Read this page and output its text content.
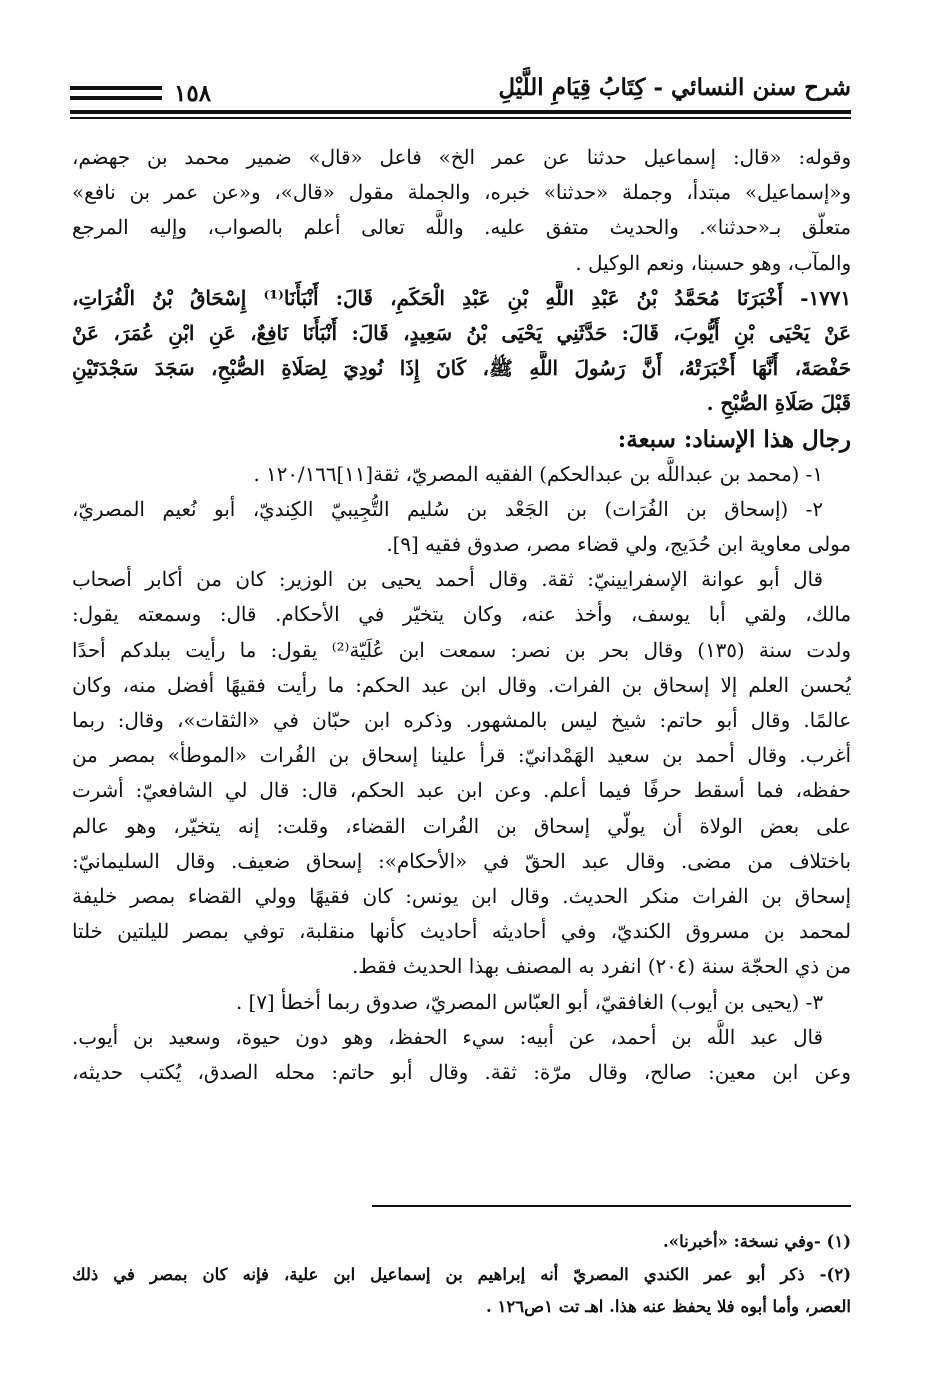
شرح سنن النسائي - كِتَابُ قِيَامِ اللَّيْلِ
١٥٨
وقوله: «قال: إسماعيل حدثنا عن عمر الخ» فاعل «قال» ضمير محمد بن جهضم،
و«إسماعيل» مبتدأ، وجملة «حدثنا» خبره، والجملة مقول «قال»، و«عن عمر بن نافع»
متعلّق بـ«حدثنا». والحديث متفق عليه. واللَّه تعالى أعلم بالصواب، وإليه المرجع
والمآب، وهو حسبنا، ونعم الوكيل .
١٧٧١- أَخْبَرَنَا مُحَمَّدُ بْنُ عَبْدِ اللَّهِ بْنِ عَبْدِ الْحَكَمِ، قَالَ: أَنْبَأَنَا⁽¹⁾ إِسْحَاقُ بْنُ الْفُرَاتِ،
عَنْ يَحْيَى بْنِ أَيُّوبَ، قَالَ: حَدَّثَنِي يَحْيَى بْنُ سَعِيدٍ، قَالَ: أَنْبَأَنَا نَافِعٌ، عَنِ ابْنِ عُمَرَ، عَنْ
حَفْصَةَ، أَنَّهَا أَخْبَرَتْهُ، أَنَّ رَسُولَ اللَّهِ ﷺ، كَانَ إِذَا نُودِيَ لِصَلَاةِ الصُّبْحِ، سَجَدَ سَجْدَتَيْنِ
قَبْلَ صَلَاةِ الصُّبْحِ .
رجال هذا الإسناد: سبعة:
١- (محمد بن عبداللَّه بن عبدالحكم) الفقيه المصريّ، ثقة[١١]١٢٠/١٦٦ .
٢- (إسحاق بن الفُرَات) بن الجَعْد بن سُليم التُّجِيبيّ الكِنديّ، أبو نُعيم المصريّ،
مولى معاوية ابن حُدَيج، ولي قضاء مصر، صدوق فقيه [٩].
قال أبو عوانة الإسفرايينيّ: ثقة. وقال أحمد يحيى بن الوزير: كان من أكابر أصحاب
مالك، ولقي أبا يوسف، وأخذ عنه، وكان يتخيّر في الأحكام. قال: وسمعته يقول:
ولدت سنة (١٣٥) وقال بحر بن نصر: سمعت ابن عُلَيّة⁽²⁾ يقول: ما رأيت ببلدكم أحدًا
يُحسن العلم إلا إسحاق بن الفرات. وقال ابن عبد الحكم: ما رأيت فقيهًا أفضل منه، وكان
عالمًا. وقال أبو حاتم: شيخ ليس بالمشهور. وذكره ابن حبّان في «الثقات»، وقال: ربما
أغرب. وقال أحمد بن سعيد الهَمْدانيّ: قرأ علينا إسحاق بن الفُرات «الموطأ» بمصر من
حفظه، فما أسقط حرفًا فيما أعلم. وعن ابن عبد الحكم، قال: قال لي الشافعيّ: أشرت
على بعض الولاة أن يولّي إسحاق بن الفُرات القضاء، وقلت: إنه يتخيّر، وهو عالم
باختلاف من مضى. وقال عبد الحقّ في «الأحكام»: إسحاق ضعيف. وقال السليمانيّ:
إسحاق بن الفرات منكر الحديث. وقال ابن يونس: كان فقيهًا وولي القضاء بمصر خليفة
لمحمد بن مسروق الكنديّ، وفي أحاديثه أحاديث كأنها منقلبة، توفي بمصر لليلتين خلتا
من ذي الحجّة سنة (٢٠٤) انفرد به المصنف بهذا الحديث فقط.
٣- (يحيى بن أيوب) الغافقيّ، أبو العبّاس المصريّ، صدوق ربما أخطأ [٧] .
قال عبد اللَّه بن أحمد، عن أبيه: سيء الحفظ، وهو دون حيوة، وسعيد بن أيوب.
وعن ابن معين: صالح، وقال مرّة: ثقة. وقال أبو حاتم: محله الصدق، يُكتب حديثه،
(١) -وفي نسخة: «أخبرنا».
(٢)- ذكر أبو عمر الكندي المصريّ أنه إبراهيم بن إسماعيل ابن علية، فإنه كان بمصر في ذلك
العصر، وأما أبوه فلا يحفظ عنه هذا. اهـ تت ١ص١٢٦ .
